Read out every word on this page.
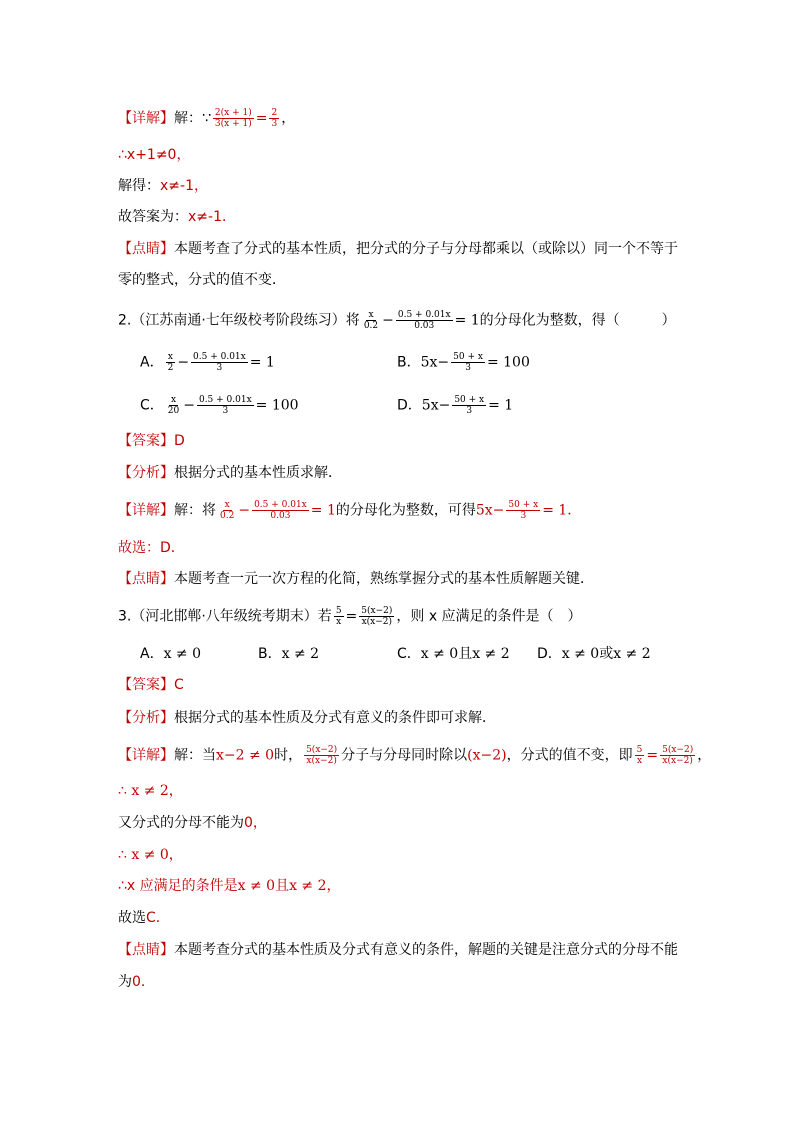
【详解】解：∵ $\frac{2(x + 1)}{3(x + 1)} = \frac{2}{3}$ ，
∴x+1≠0，
解得：x≠-1，
故答案为：x≠-1．
【点睛】本题考查了分式的基本性质，把分式的分子与分母都乘以（或除以）同一个不等于
零的整式，分式的值不变．
2.（江苏南通·七年级校考阶段练习）将 $\frac{x}{0.2} - \frac{0.5 + 0.01x}{0.03} = 1$的分母化为整数，得（　　　）
A． $\frac{x}{2} - \frac{0.5 + 0.01x}{3} = 1$	B．$5x- \frac{50 + x}{3} = 100$
C． $\frac{x}{20} - \frac{0.5 + 0.01x}{3} = 100$	D．$5x- \frac{50 + x}{3} = 1$
【答案】D
【分析】根据分式的基本性质求解．
【详解】解：将 $\frac{x}{0.2} - \frac{0.5 + 0.01x}{0.03} = 1$的分母化为整数，可得$5x- \frac{50 + x}{3} = 1$．
故选：D．
【点睛】本题考查一元一次方程的化简，熟练掌握分式的基本性质解题关键．
3.（河北邯郸·八年级统考期末）若 $\frac{5}{x} = \frac{5(x-2)}{x(x-2)}$ ，则 x 应满足的条件是（　）
A．x ≠ 0	B．x ≠ 2	C．x ≠ 0且x ≠ 2 D．x ≠ 0或x ≠ 2
【答案】C
【分析】根据分式的基本性质及分式有意义的条件即可求解．
【详解】解：当x−2 ≠ 0时， $\frac{5(x-2)}{x(x-2)}$ 分子与分母同时除以(x−2)，分式的值不变，即 $\frac{5}{x} = \frac{5(x-2)}{x(x-2)}$ ，
∴ x ≠ 2，
又分式的分母不能为0，
∴ x ≠ 0，
∴x 应满足的条件是x ≠ 0且x ≠ 2，
故选C．
【点睛】本题考查分式的基本性质及分式有意义的条件，解题的关键是注意分式的分母不能
为0．
